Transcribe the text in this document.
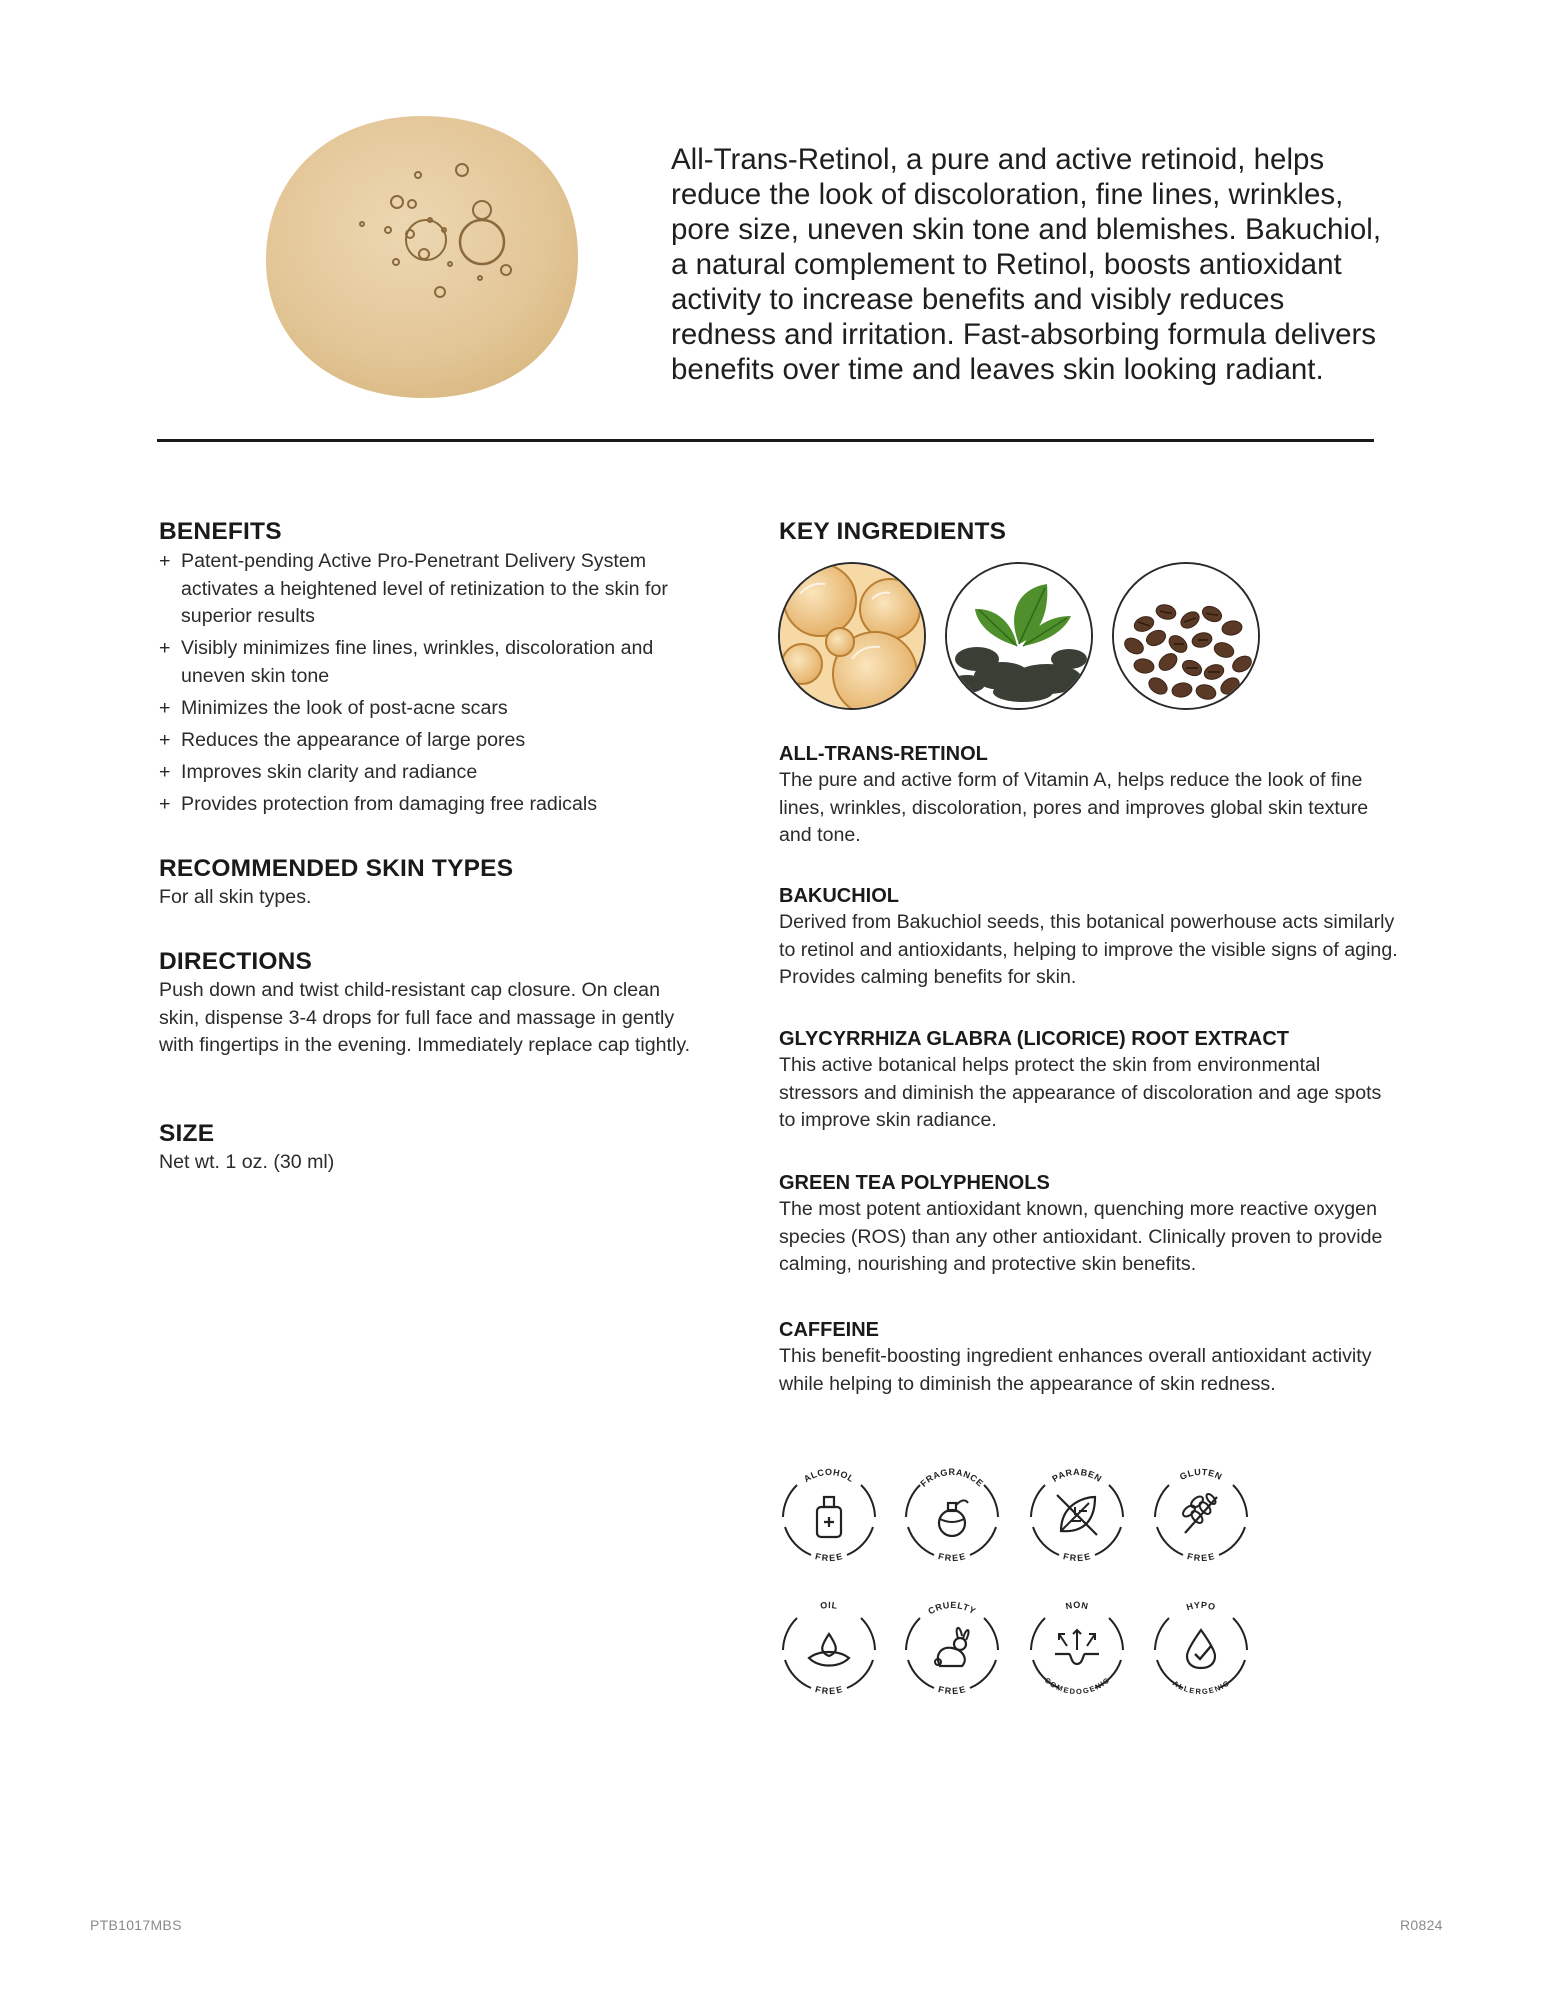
All-Trans-Retinol, a pure and active retinoid, helps
reduce the look of discoloration, fine lines, wrinkles,
pore size, uneven skin tone and blemishes. Bakuchiol,
a natural complement to Retinol, boosts antioxidant
activity to increase benefits and visibly reduces
redness and irritation. Fast-absorbing formula delivers
benefits over time and leaves skin looking radiant.
BENEFITS
+ Patent-pending Active Pro-Penetrant Delivery System activates a heightened level of retinization to the skin for superior results
+ Visibly minimizes fine lines, wrinkles, discoloration and uneven skin tone
+ Minimizes the look of post-acne scars
+ Reduces the appearance of large pores
+ Improves skin clarity and radiance
+ Provides protection from damaging free radicals
RECOMMENDED SKIN TYPES
For all skin types.
DIRECTIONS
Push down and twist child-resistant cap closure. On clean skin, dispense 3-4 drops for full face and massage in gently with fingertips in the evening. Immediately replace cap tightly.
SIZE
Net wt. 1 oz. (30 ml)
KEY INGREDIENTS
ALL-TRANS-RETINOL
The pure and active form of Vitamin A, helps reduce the look of fine lines, wrinkles, discoloration, pores and improves global skin texture and tone.
BAKUCHIOL
Derived from Bakuchiol seeds, this botanical powerhouse acts similarly to retinol and antioxidants, helping to improve the visible signs of aging. Provides calming benefits for skin.
GLYCYRRHIZA GLABRA (LICORICE) ROOT EXTRACT
This active botanical helps protect the skin from environmental stressors and diminish the appearance of discoloration and age spots to improve skin radiance.
GREEN TEA POLYPHENOLS
The most potent antioxidant known, quenching more reactive oxygen species (ROS) than any other antioxidant. Clinically proven to provide calming, nourishing and protective skin benefits.
CAFFEINE
This benefit-boosting ingredient enhances overall antioxidant activity while helping to diminish the appearance of skin redness.
ALCOHOL
FREE
FRAGRANCE
FREE
PARABEN
FREE
GLUTEN
FREE
OIL
FREE
CRUELTY
FREE
NON
COMEDOGENIC
HYPO
ALLERGENIC
PTB1017MBS	R0824
